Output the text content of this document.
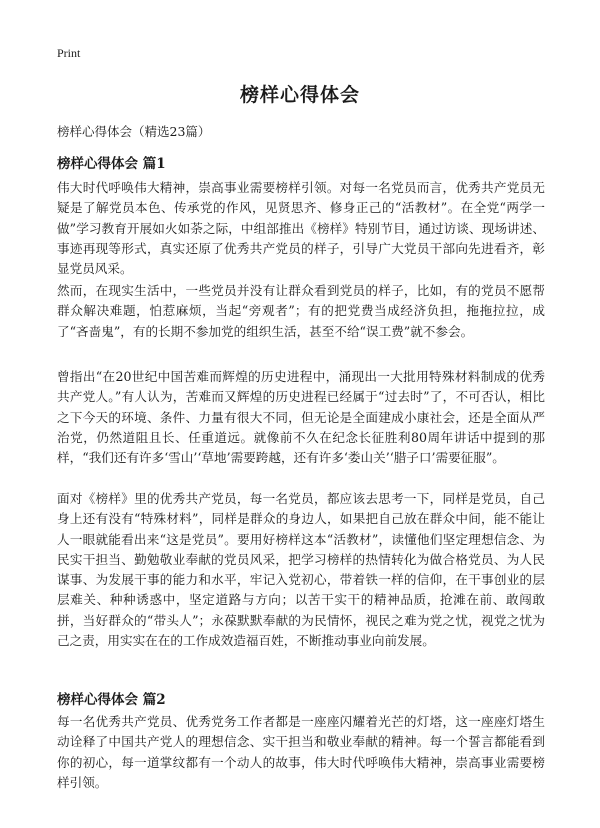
Print
榜样心得体会
榜样心得体会（精选23篇）
榜样心得体会 篇1

伟大时代呼唤伟大精神，崇高事业需要榜样引领。对每一名党员而言，优秀共产党员无疑是了解党员本色、传承党的作风，见贤思齐、修身正己的“活教材”。在全党“两学一做”学习教育开展如火如荼之际，中组部推出《榜样》特别节目，通过访谈、现场讲述、事迹再现等形式，真实还原了优秀共产党员的样子，引导广大党员干部向先进看齐，彰显党员风采。

然而，在现实生活中，一些党员并没有让群众看到党员的样子，比如，有的党员不愿帮群众解决难题，怕惹麻烦，当起“旁观者”；有的把党费当成经济负担，拖拖拉拉，成了“吝啬鬼”，有的长期不参加党的组织生活，甚至不给“误工费”就不参会。

曾指出“在20世纪中国苦难而辉煌的历史进程中，涌现出一大批用特殊材料制成的优秀共产党人。”有人认为，苦难而又辉煌的历史进程已经属于“过去时”了，不可否认，相比之下今天的环境、条件、力量有很大不同，但无论是全面建成小康社会，还是全面从严治党，仍然道阻且长、任重道远。就像前不久在纪念长征胜利80周年讲话中提到的那样，“我们还有许多‘雪山’‘草地’需要跨越，还有许多‘娄山关’‘腊子口’需要征服”。

面对《榜样》里的优秀共产党员，每一名党员，都应该去思考一下，同样是党员，自己身上还有没有“特殊材料”，同样是群众的身边人，如果把自己放在群众中间，能不能让人一眼就能看出来“这是党员”。要用好榜样这本“活教材”，读懂他们坚定理想信念、为民实干担当、勤勉敬业奉献的党员风采，把学习榜样的热情转化为做合格党员、为人民谋事、为发展干事的能力和水平，牢记入党初心，带着铁一样的信仰，在干事创业的层层难关、种种诱惑中，坚定道路与方向；以苦干实干的精神品质，抢滩在前、敢闯敢拼，当好群众的“带头人”；永葆默默奉献的为民情怀，视民之难为党之忧，视党之忧为己之责，用实实在在的工作成效造福百姓，不断推动事业向前发展。

榜样心得体会 篇2

每一名优秀共产党员、优秀党务工作者都是一座座闪耀着光芒的灯塔，这一座座灯塔生动诠释了中国共产党人的理想信念、实干担当和敬业奉献的精神。每一个誓言都能看到你的初心，每一道掌纹都有一个动人的故事，伟大时代呼唤伟大精神，崇高事业需要榜样引领。
